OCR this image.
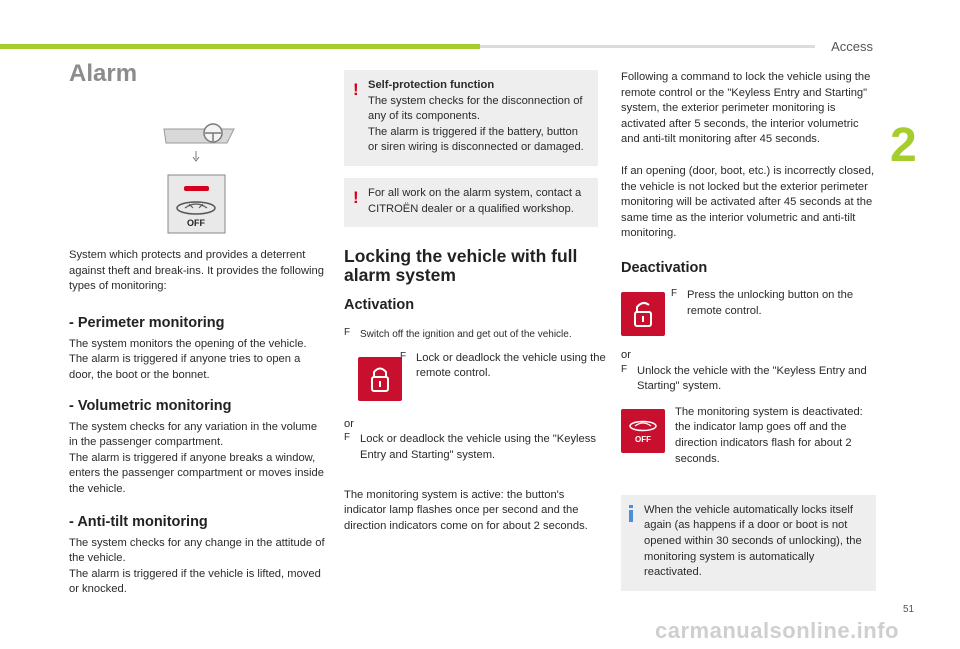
Access
2
Alarm
OFF

System which protects and provides a deterrent against theft and break-ins. It provides the following types of monitoring:

- Perimeter monitoring

The system monitors the opening of the vehicle.

The alarm is triggered if anyone tries to open a door, the boot or the bonnet.

- Volumetric monitoring

The system checks for any variation in the volume in the passenger compartment.

The alarm is triggered if anyone breaks a window, enters the passenger compartment or moves inside the vehicle.

- Anti-tilt monitoring

The system checks for any change in the attitude of the vehicle.

The alarm is triggered if the vehicle is lifted, moved or knocked.

! Self-protection function

The system checks for the disconnection of any of its components.

The alarm is triggered if the battery, button or siren wiring is disconnected or damaged.

! For all work on the alarm system, contact a CITROËN dealer or a qualified workshop.

Locking the vehicle with full alarm system
Activation
F Switch off the ignition and get out of the vehicle.

F Lock or deadlock the vehicle using the remote control.

or

F Lock or deadlock the vehicle using the "Keyless Entry and Starting" system.

The monitoring system is active: the button's indicator lamp flashes once per second and the direction indicators come on for about 2 seconds.

Following a command to lock the vehicle using the remote control or the "Keyless Entry and Starting" system, the exterior perimeter monitoring is activated after 5 seconds, the interior volumetric and anti-tilt monitoring after 45 seconds.

If an opening (door, boot, etc.) is incorrectly closed, the vehicle is not locked but the exterior perimeter monitoring will be activated after 45 seconds at the same time as the interior volumetric and anti-tilt monitoring.

Deactivation
F Press the unlocking button on the remote control.

or

F Unlock the vehicle with the "Keyless Entry and Starting" system.

OFF

The monitoring system is deactivated: the indicator lamp goes off and the direction indicators flash for about 2 seconds.

When the vehicle automatically locks itself again (as happens if a door or boot is not opened within 30 seconds of unlocking), the monitoring system is automatically reactivated.

51
carmanualsonline.info
